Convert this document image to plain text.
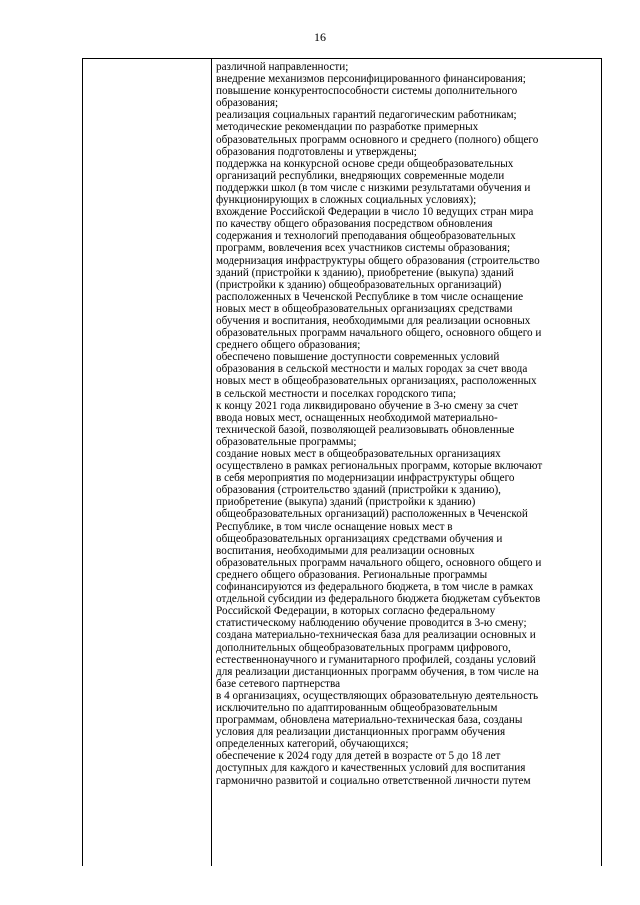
16
различной направленности;
внедрение механизмов персонифицированного финансирования;
повышение конкурентоспособности системы дополнительного
образования;
реализация социальных гарантий педагогическим работникам;
методические рекомендации по разработке примерных
образовательных программ основного и среднего (полного) общего
образования подготовлены и утверждены;
поддержка на конкурсной основе среди общеобразовательных
организаций республики, внедряющих современные модели
поддержки школ (в том числе с низкими результатами обучения и
функционирующих в сложных социальных условиях);
вхождение Российской Федерации в число 10 ведущих стран мира
по качеству общего образования посредством обновления
содержания и технологий преподавания общеобразовательных
программ, вовлечения всех участников системы образования;
модернизация инфраструктуры общего образования (строительство
зданий (пристройки к зданию), приобретение (выкупа) зданий
(пристройки к зданию) общеобразовательных организаций)
расположенных в Чеченской Республике в том числе оснащение
новых мест в общеобразовательных организациях средствами
обучения и воспитания, необходимыми для реализации основных
образовательных программ начального общего, основного общего и
среднего общего образования;
обеспечено повышение доступности современных условий
образования в сельской местности и малых городах за счет ввода
новых мест в общеобразовательных организациях, расположенных
в сельской местности и поселках городского типа;
к концу 2021 года ликвидировано обучение в 3-ю смену за счет
ввода новых мест, оснащенных необходимой материально-
технической базой, позволяющей реализовывать обновленные
образовательные программы;
создание новых мест в общеобразовательных организациях
осуществлено в рамках региональных программ, которые включают
в себя мероприятия по модернизации инфраструктуры общего
образования (строительство зданий (пристройки к зданию),
приобретение (выкупа) зданий (пристройки к зданию)
общеобразовательных организаций) расположенных в Чеченской
Республике, в том числе оснащение новых мест в
общеобразовательных организациях средствами обучения и
воспитания, необходимыми для реализации основных
образовательных программ начального общего, основного общего и
среднего общего образования. Региональные программы
софинансируются из федерального бюджета, в том числе в рамках
отдельной субсидии из федерального бюджета бюджетам субъектов
Российской Федерации, в которых согласно федеральному
статистическому наблюдению обучение проводится в 3-ю смену;
создана материально-техническая база для реализации основных и
дополнительных общеобразовательных программ цифрового,
естественнонаучного и гуманитарного профилей, созданы условий
для реализации дистанционных программ обучения, в том числе на
базе сетевого партнерства
в 4 организациях, осуществляющих образовательную деятельность
исключительно по адаптированным общеобразовательным
программам, обновлена материально-техническая база, созданы
условия для реализации дистанционных программ обучения
определенных категорий, обучающихся;
обеспечение к 2024 году для детей в возрасте от 5 до 18 лет
доступных для каждого и качественных условий для воспитания
гармонично развитой и социально ответственной личности путем
